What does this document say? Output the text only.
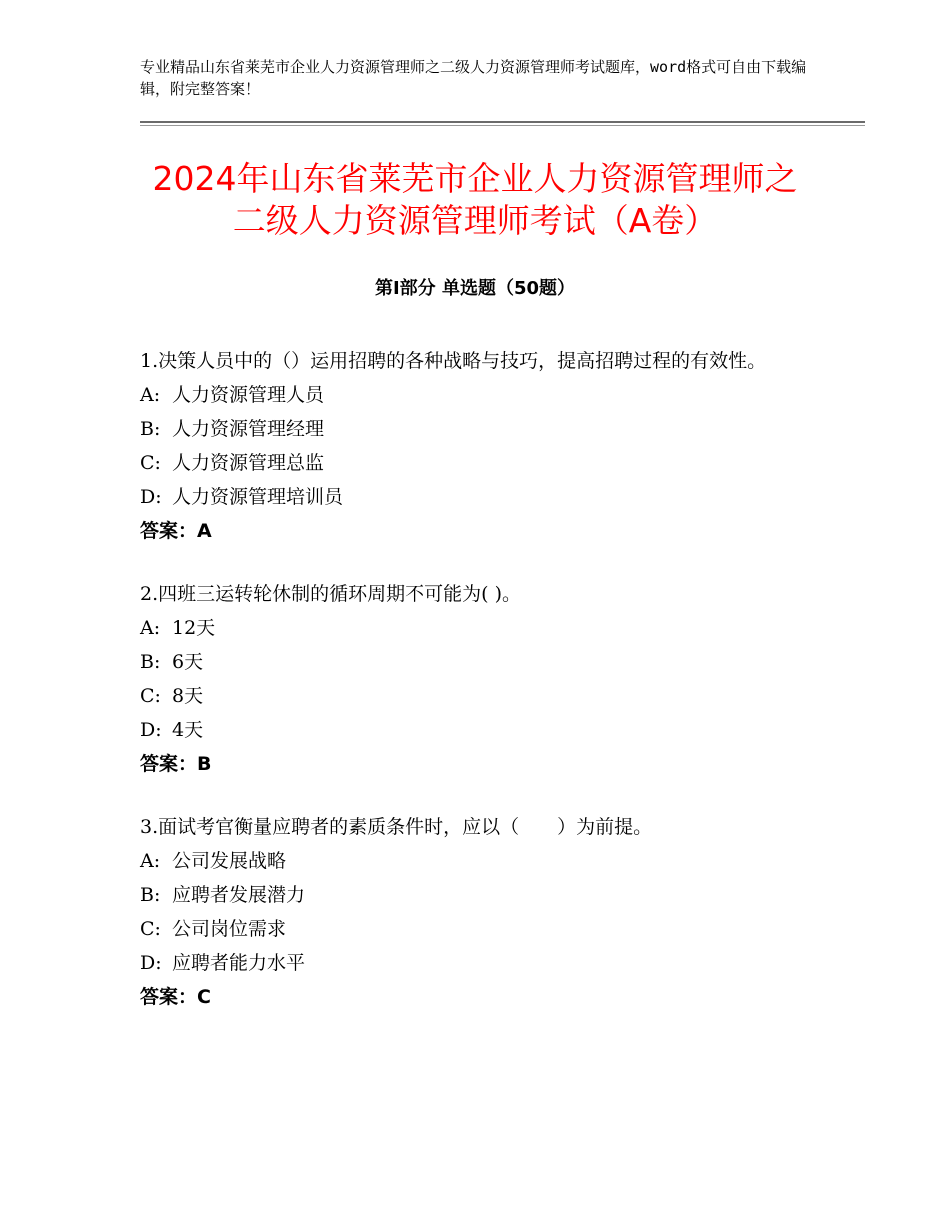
专业精品山东省莱芜市企业人力资源管理师之二级人力资源管理师考试题库，word格式可自由下载编辑，附完整答案！
2024年山东省莱芜市企业人力资源管理师之
二级人力资源管理师考试（A卷）
第Ⅰ部分 单选题（50题）

1.决策人员中的（）运用招聘的各种战略与技巧，提高招聘过程的有效性。

A: 人力资源管理人员

B: 人力资源管理经理

C: 人力资源管理总监

D: 人力资源管理培训员

答案：A

2.四班三运转轮休制的循环周期不可能为( )。

A: 12天

B: 6天

C: 8天

D: 4天

答案：B

3.面试考官衡量应聘者的素质条件时，应以（　　）为前提。

A: 公司发展战略

B: 应聘者发展潜力

C: 公司岗位需求

D: 应聘者能力水平

答案：C
